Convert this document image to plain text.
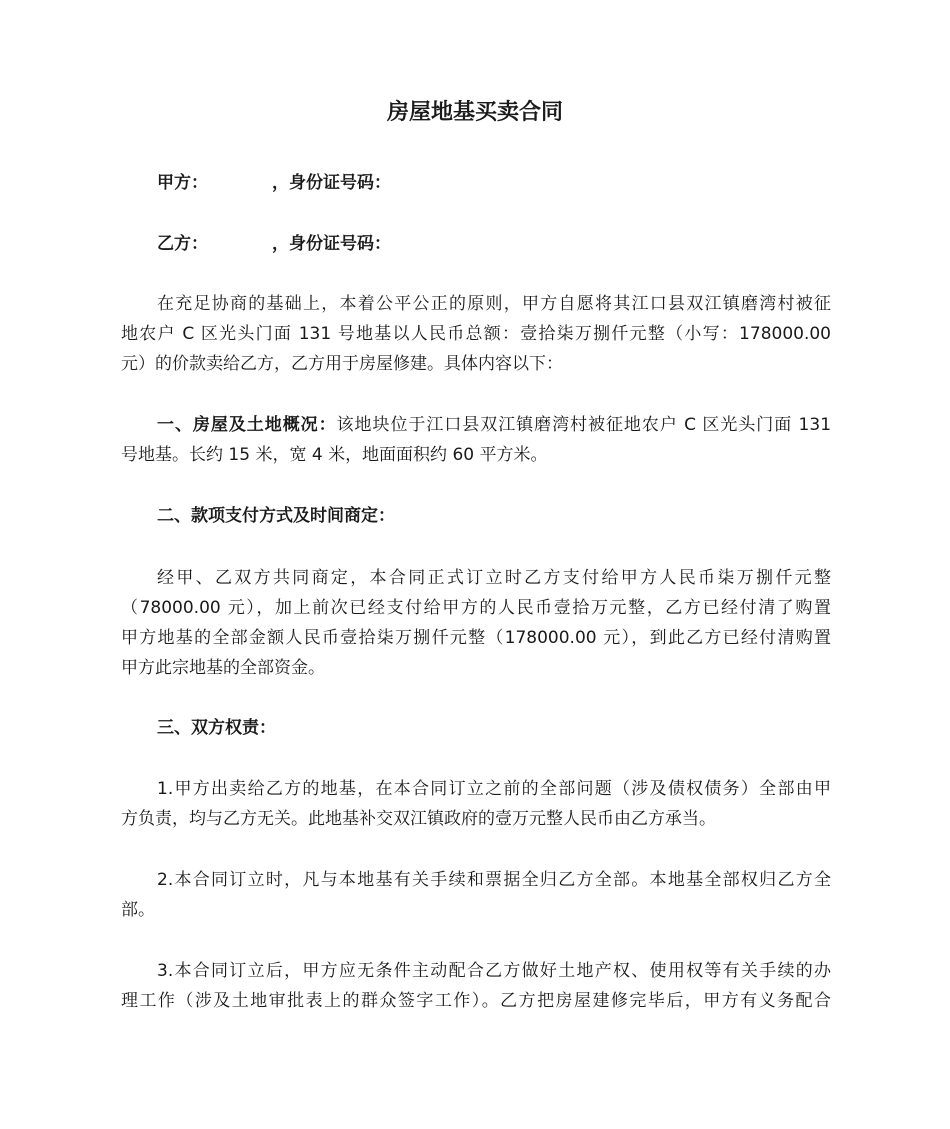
房屋地基买卖合同
甲方：	，身份证号码：
乙方：	，身份证号码：
在充足协商的基础上，本着公平公正的原则，甲方自愿将其江口县双江镇磨湾村被征
地农户 C 区光头门面 131 号地基以人民币总额：壹拾柒万捌仟元整（小写：178000.00
元）的价款卖给乙方，乙方用于房屋修建。具体内容以下：
一、房屋及土地概况：该地块位于江口县双江镇磨湾村被征地农户 C 区光头门面 131
号地基。长约 15 米，宽 4 米，地面面积约 60 平方米。
二、款项支付方式及时间商定：
经甲、乙双方共同商定，本合同正式订立时乙方支付给甲方人民币柒万捌仟元整
（78000.00 元），加上前次已经支付给甲方的人民币壹拾万元整，乙方已经付清了购置
甲方地基的全部金额人民币壹拾柒万捌仟元整（178000.00 元），到此乙方已经付清购置
甲方此宗地基的全部资金。
三、双方权责：
1.甲方出卖给乙方的地基，在本合同订立之前的全部问题（涉及债权债务）全部由甲
方负责，均与乙方无关。此地基补交双江镇政府的壹万元整人民币由乙方承当。
2.本合同订立时，凡与本地基有关手续和票据全归乙方全部。本地基全部权归乙方全
部。
3.本合同订立后，甲方应无条件主动配合乙方做好土地产权、使用权等有关手续的办
理工作（涉及土地审批表上的群众签字工作）。乙方把房屋建修完毕后，甲方有义务配合
